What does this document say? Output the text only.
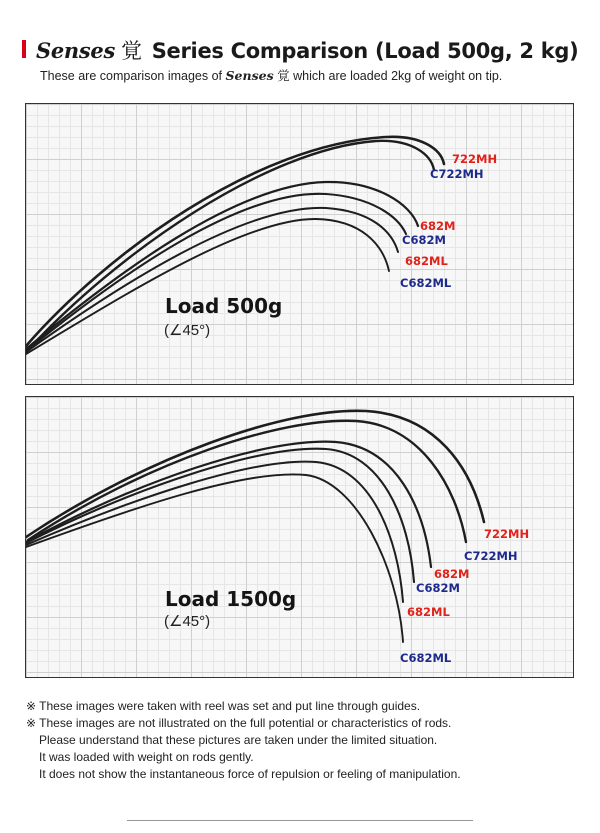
Senses 覚 Series Comparison (Load 500g, 2 kg)
These are comparison images of Senses 覚 which are loaded 2kg of weight on tip.
722MH
C722MH
682M
C682M
682ML
C682ML
Load 500g
(∠45°)
722MH
C722MH
682M
C682M
682ML
C682ML
Load 1500g
(∠45°)
※ These images were taken with reel was set and put line through guides.
※ These images are not illustrated on the full potential or characteristics of rods.
Please understand that these pictures are taken under the limited situation.
It was loaded with weight on rods gently.
It does not show the instantaneous force of repulsion or feeling of manipulation.
